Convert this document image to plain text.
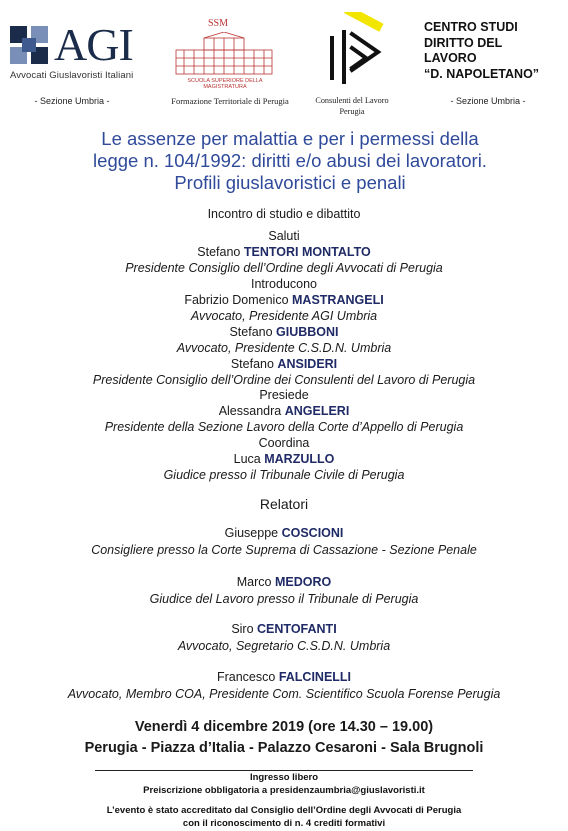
AGI
Avvocati Giuslavoristi Italiani
- Sezione Umbria -
SSM
SCUOLA SUPERIORE DELLA MAGISTRATURA
Formazione Territoriale di Perugia	Consulenti del Lavoro
Perugia
CENTRO STUDI
DIRITTO DEL
LAVORO
“D. NAPOLETANO”
- Sezione Umbria -
Le assenze per malattia e per i permessi della
legge n. 104/1992: diritti e/o abusi dei lavoratori.
Profili giuslavoristici e penali
Incontro di studio e dibattito
Saluti
Stefano TENTORI MONTALTO
Presidente Consiglio dell’Ordine degli Avvocati di Perugia
Introducono
Fabrizio Domenico MASTRANGELI
Avvocato, Presidente AGI Umbria
Stefano GIUBBONI
Avvocato, Presidente C.S.D.N. Umbria
Stefano ANSIDERI
Presidente Consiglio dell’Ordine dei Consulenti del Lavoro di Perugia
Presiede
Alessandra ANGELERI
Presidente della Sezione Lavoro della Corte d’Appello di Perugia
Coordina
Luca MARZULLO
Giudice presso il Tribunale Civile di Perugia
Relatori
Giuseppe COSCIONI
Consigliere presso la Corte Suprema di Cassazione - Sezione Penale
Marco MEDORO
Giudice del Lavoro presso il Tribunale di Perugia
Siro CENTOFANTI
Avvocato, Segretario C.S.D.N. Umbria
Francesco FALCINELLI
Avvocato, Membro COA, Presidente Com. Scientifico Scuola Forense Perugia
Venerdì 4 dicembre 2019 (ore 14.30 – 19.00)
Perugia - Piazza d’Italia - Palazzo Cesaroni - Sala Brugnoli
Ingresso libero
Preiscrizione obbligatoria a presidenzaumbria@giuslavoristi.it
L’evento è stato accreditato dal Consiglio dell’Ordine degli Avvocati di Perugia
con il riconoscimento di n. 4 crediti formativi
